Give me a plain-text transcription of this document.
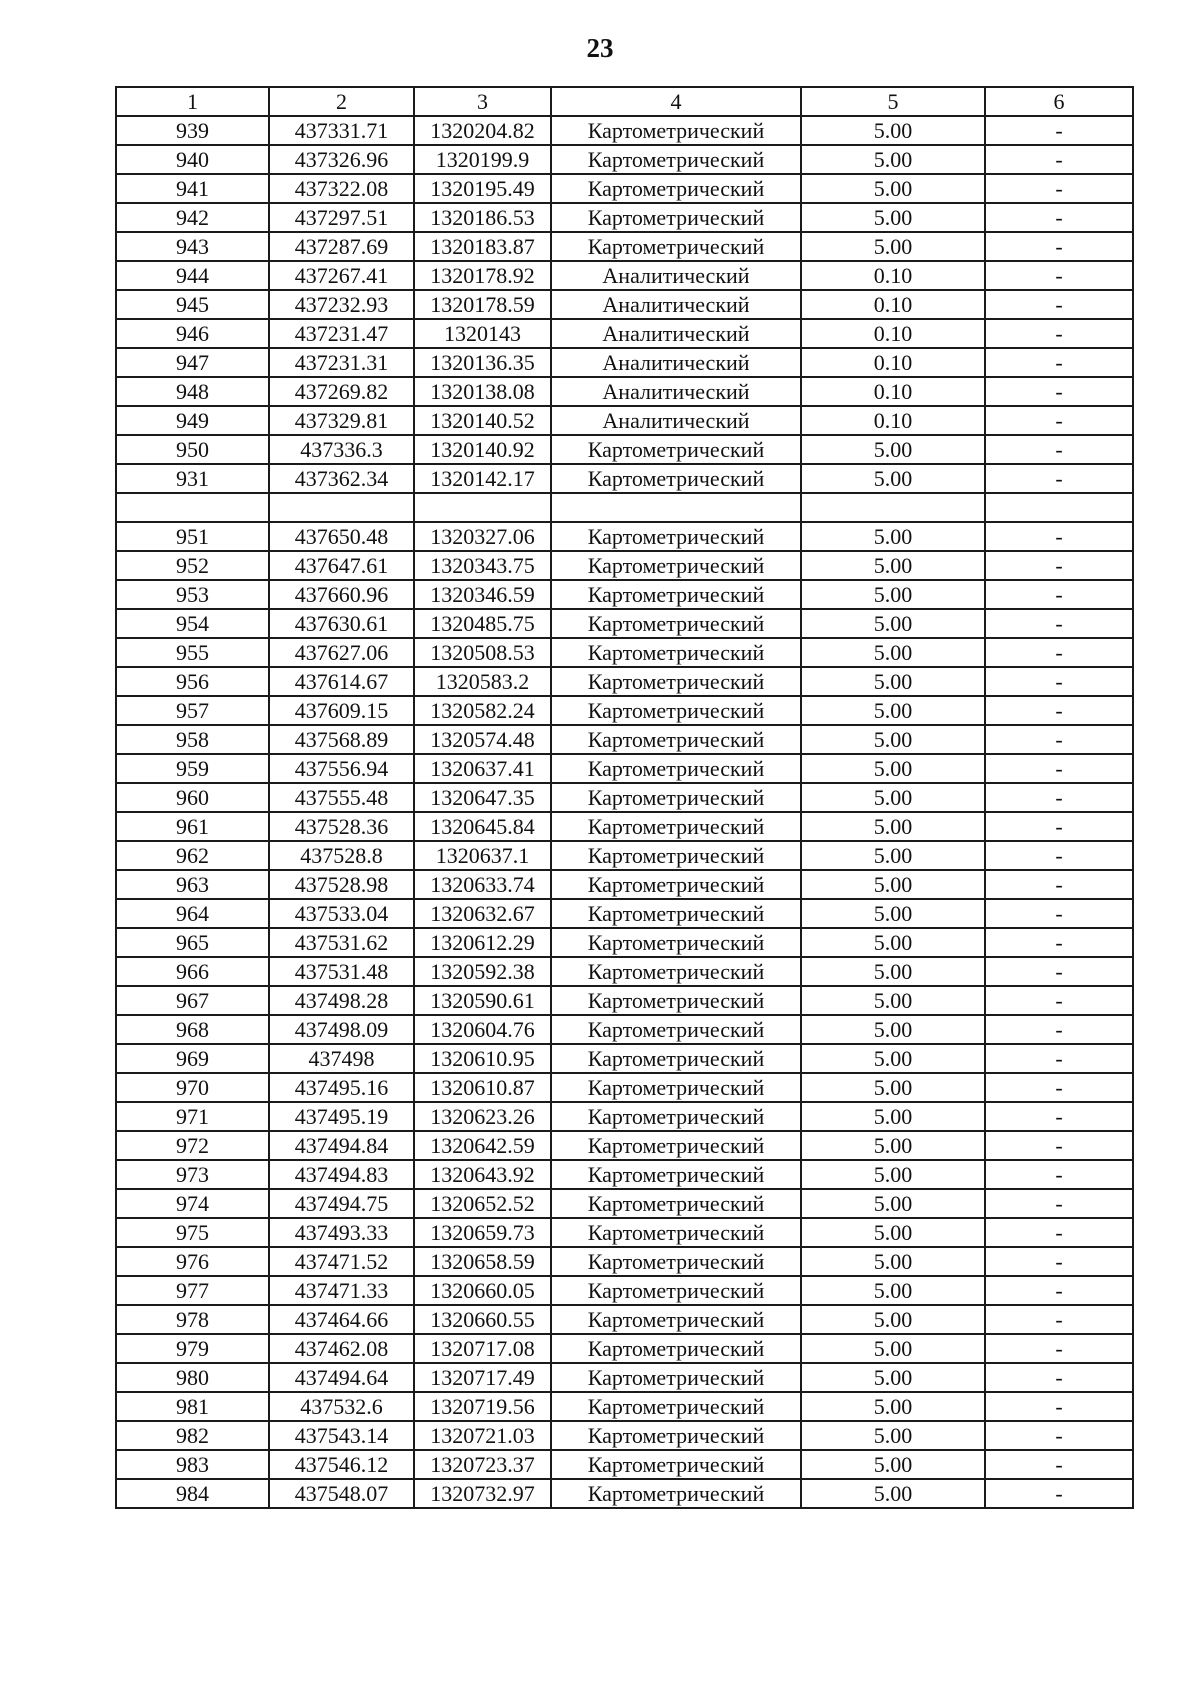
23
1	2	3	4	5	6
939	437331.71	1320204.82	Картометрический	5.00	-
940	437326.96	1320199.9	Картометрический	5.00	-
941	437322.08	1320195.49	Картометрический	5.00	-
942	437297.51	1320186.53	Картометрический	5.00	-
943	437287.69	1320183.87	Картометрический	5.00	-
944	437267.41	1320178.92	Аналитический	0.10	-
945	437232.93	1320178.59	Аналитический	0.10	-
946	437231.47	1320143	Аналитический	0.10	-
947	437231.31	1320136.35	Аналитический	0.10	-
948	437269.82	1320138.08	Аналитический	0.10	-
949	437329.81	1320140.52	Аналитический	0.10	-
950	437336.3	1320140.92	Картометрический	5.00	-
931	437362.34	1320142.17	Картометрический	5.00	-

951	437650.48	1320327.06	Картометрический	5.00	-
952	437647.61	1320343.75	Картометрический	5.00	-
953	437660.96	1320346.59	Картометрический	5.00	-
954	437630.61	1320485.75	Картометрический	5.00	-
955	437627.06	1320508.53	Картометрический	5.00	-
956	437614.67	1320583.2	Картометрический	5.00	-
957	437609.15	1320582.24	Картометрический	5.00	-
958	437568.89	1320574.48	Картометрический	5.00	-
959	437556.94	1320637.41	Картометрический	5.00	-
960	437555.48	1320647.35	Картометрический	5.00	-
961	437528.36	1320645.84	Картометрический	5.00	-
962	437528.8	1320637.1	Картометрический	5.00	-
963	437528.98	1320633.74	Картометрический	5.00	-
964	437533.04	1320632.67	Картометрический	5.00	-
965	437531.62	1320612.29	Картометрический	5.00	-
966	437531.48	1320592.38	Картометрический	5.00	-
967	437498.28	1320590.61	Картометрический	5.00	-
968	437498.09	1320604.76	Картометрический	5.00	-
969	437498	1320610.95	Картометрический	5.00	-
970	437495.16	1320610.87	Картометрический	5.00	-
971	437495.19	1320623.26	Картометрический	5.00	-
972	437494.84	1320642.59	Картометрический	5.00	-
973	437494.83	1320643.92	Картометрический	5.00	-
974	437494.75	1320652.52	Картометрический	5.00	-
975	437493.33	1320659.73	Картометрический	5.00	-
976	437471.52	1320658.59	Картометрический	5.00	-
977	437471.33	1320660.05	Картометрический	5.00	-
978	437464.66	1320660.55	Картометрический	5.00	-
979	437462.08	1320717.08	Картометрический	5.00	-
980	437494.64	1320717.49	Картометрический	5.00	-
981	437532.6	1320719.56	Картометрический	5.00	-
982	437543.14	1320721.03	Картометрический	5.00	-
983	437546.12	1320723.37	Картометрический	5.00	-
984	437548.07	1320732.97	Картометрический	5.00	-
